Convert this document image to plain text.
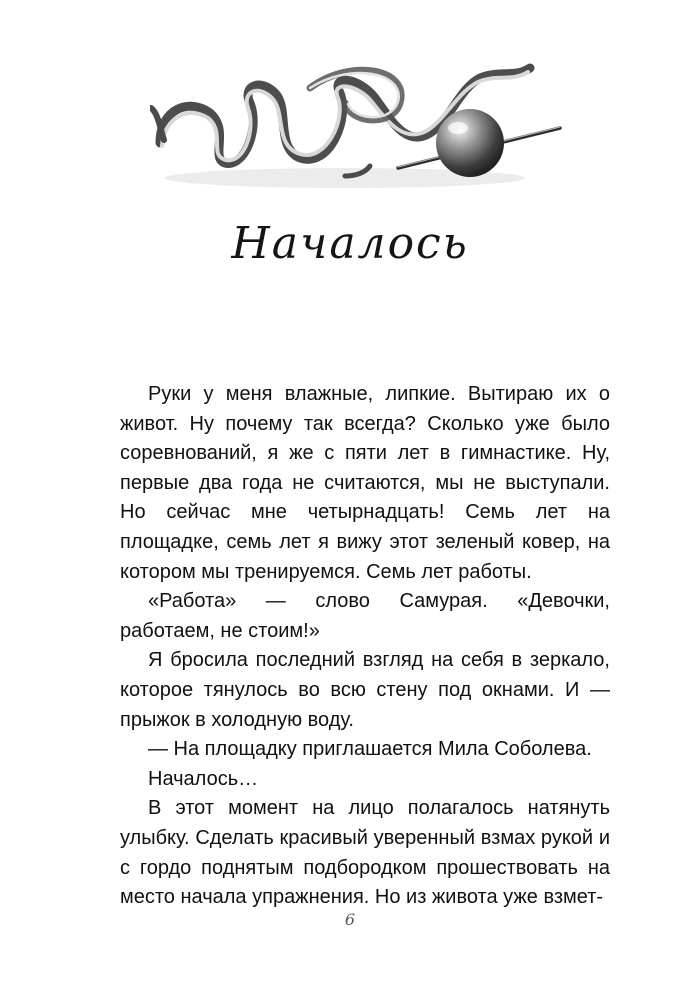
Началось

Руки у меня влажные, липкие. Вытираю их о живот. Ну почему так всегда? Сколько уже было соревнований, я же с пяти лет в гимнастике. Ну, первые два года не считаются, мы не выступали. Но сейчас мне четырнадцать! Семь лет на площадке, семь лет я вижу этот зеленый ковер, на котором мы тренируемся. Семь лет работы.

«Работа» — слово Самурая. «Девочки, работаем, не стоим!»

Я бросила последний взгляд на себя в зеркало, которое тянулось во всю стену под окнами. И — прыжок в холодную воду.

— На площадку приглашается Мила Соболева.

Началось…

В этот момент на лицо полагалось натянуть улыбку. Сделать красивый уверенный взмах рукой и с гордо поднятым подбородком прошествовать на место начала упражнения. Но из живота уже взмет-

6
